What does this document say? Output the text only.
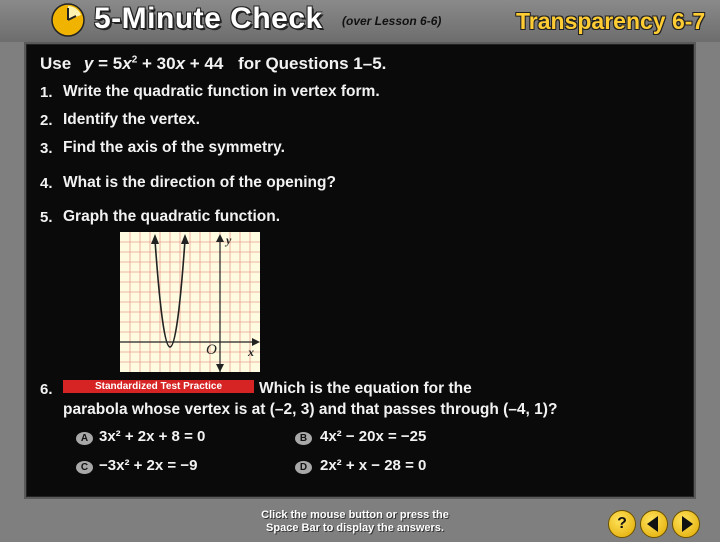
5-Minute Check (over Lesson 6-6)	Transparency 6-7
Use $y = 5x^2 + 30x + 44$ for Questions 1–5.
1. Write the quadratic function in vertex form.
2. Identify the vertex.
3. Find the axis of the symmetry.
4. What is the direction of the opening?
5. Graph the quadratic function.
y
x
O
6.	Standardized Test Practice	Which is the equation for the
parabola whose vertex is at (–2, 3) and that passes through (–4, 1)?
A 3x² + 2x + 8 = 0	B 4x² − 20x = −25
C −3x² + 2x = −9	D 2x² + x − 28 = 0
Click the mouse button or press the
Space Bar to display the answers.	?
